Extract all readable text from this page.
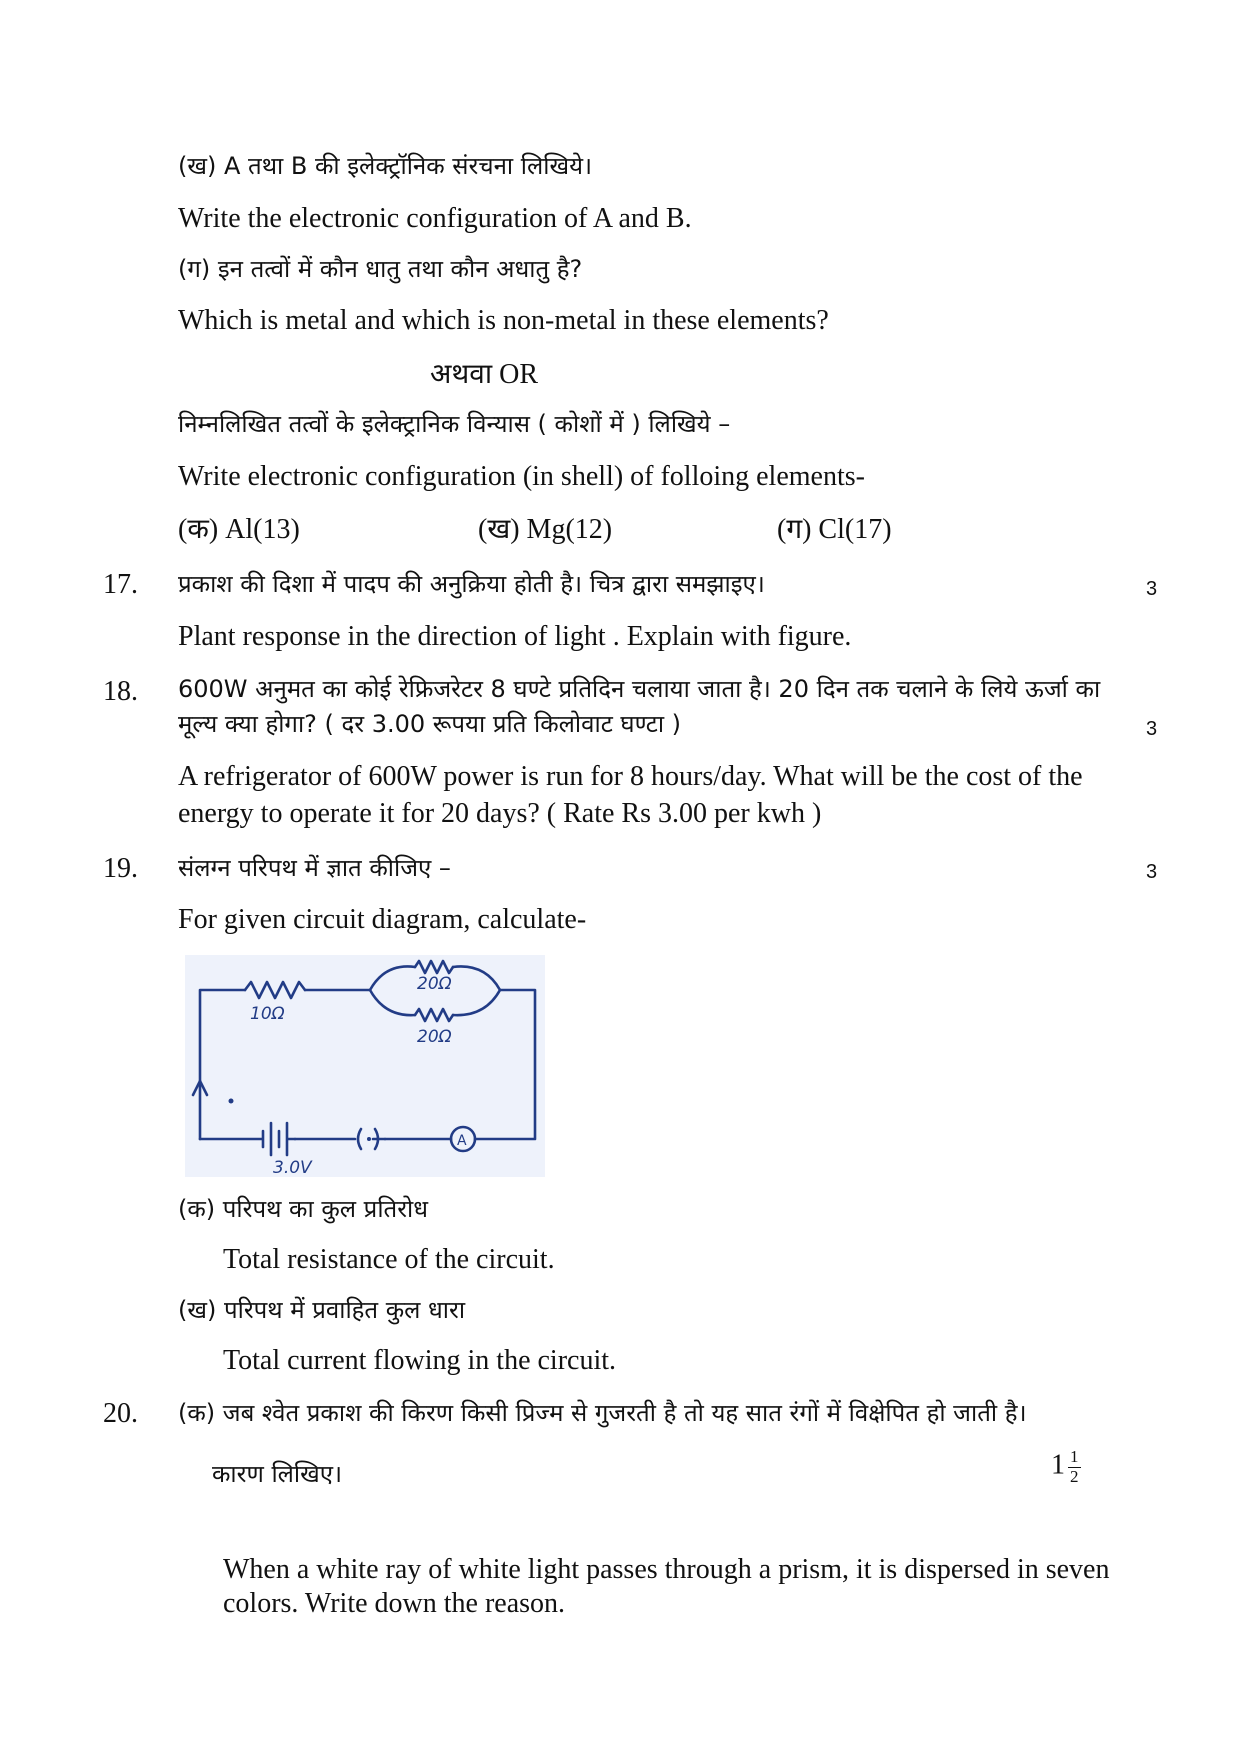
(ख) A तथा B की इलेक्ट्रॉनिक संरचना लिखिये।
Write the electronic configuration of A and B.
(ग) इन तत्वों में कौन धातु तथा कौन अधातु है?
Which is metal and which is non-metal in these elements?
अथवा OR
निम्नलिखित तत्वों के इलेक्ट्रानिक विन्यास ( कोशों में ) लिखिये –
Write electronic configuration (in shell) of folloing elements-
(क) Al(13)	(ख) Mg(12)	(ग) Cl(17)
17. प्रकाश की दिशा में पादप की अनुक्रिया होती है। चित्र द्वारा समझाइए।	3
Plant response in the direction of light . Explain with figure.
18. 600W अनुमत का कोई रेफ्रिजरेटर 8 घण्टे प्रतिदिन चलाया जाता है। 20 दिन तक चलाने के लिये ऊर्जा का
मूल्य क्या होगा? ( दर 3.00 रूपया प्रति किलोवाट घण्टा )	3
A refrigerator of 600W power is run for 8 hours/day. What will be the cost of the
energy to operate it for 20 days? ( Rate Rs 3.00 per kwh )
19. संलग्न परिपथ में ज्ञात कीजिए –	3
For given circuit diagram, calculate-
10Ω
20Ω
20Ω
3.0V
A
(क) परिपथ का कुल प्रतिरोध
Total resistance of the circuit.
(ख) परिपथ में प्रवाहित कुल धारा
Total current flowing in the circuit.
20. (क) जब श्वेत प्रकाश की किरण किसी प्रिज्म से गुजरती है तो यह सात रंगों में विक्षेपित हो जाती है।
कारण लिखिए।	$1 \frac{1}{2}$
When a white ray of white light passes through a prism, it is dispersed in seven
colors. Write down the reason.
